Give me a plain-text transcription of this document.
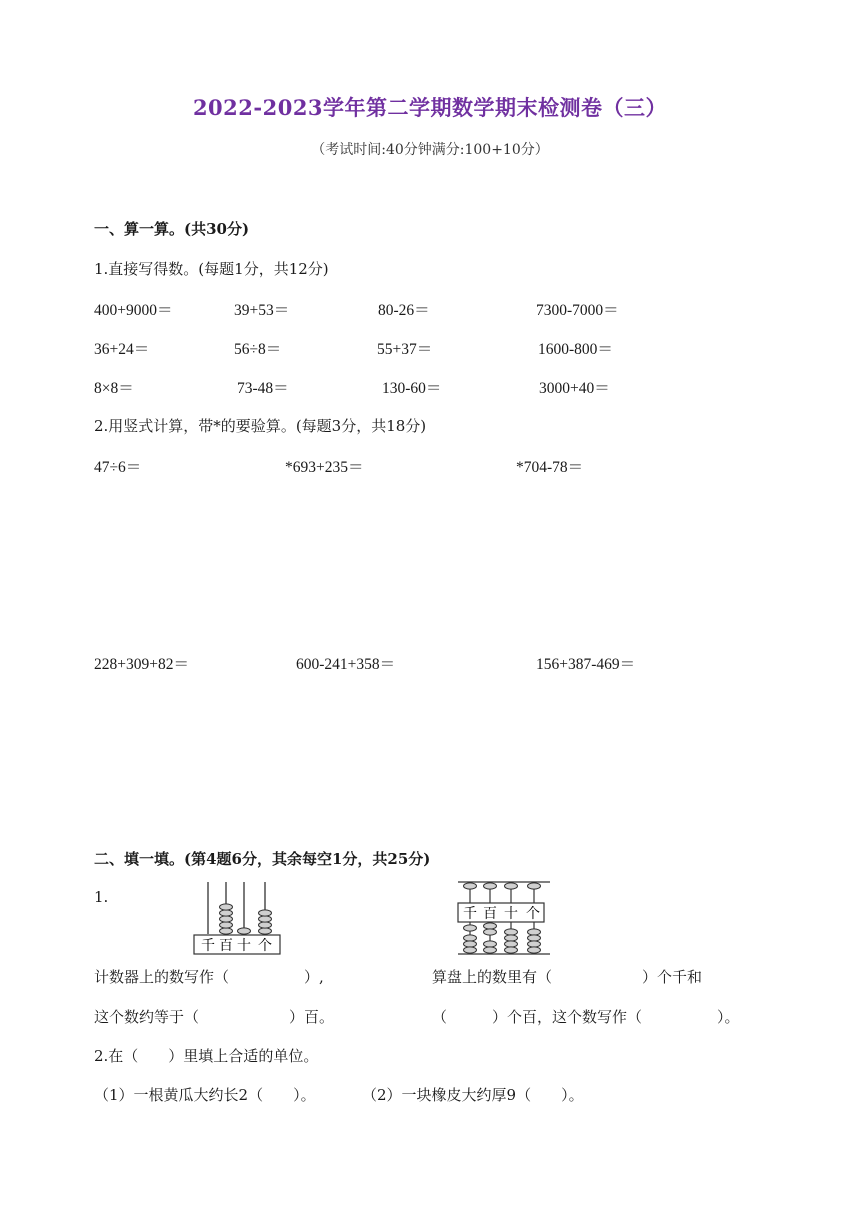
2022-2023学年第二学期数学期末检测卷（三）
（考试时间:40分钟满分:100+10分）
一、算一算。(共30分)
1.直接写得数。(每题1分，共12分)
400+9000＝	39+53＝	80-26＝	7300-7000＝
36+24＝	56÷8＝	55+37＝	1600-800＝
8×8＝	73-48＝	130-60＝	3000+40＝
2.用竖式计算，带*的要验算。(每题3分，共18分)
47÷6＝	*693+235＝	*704-78＝
228+309+82＝	600-241+358＝	156+387-469＝
二、填一填。(第4题6分，其余每空1分，共25分)
1.
千 百 十 个
千 百 十 个
计数器上的数写作（　　　　　）,	算盘上的数里有（　　　　　　）个千和
这个数约等于（　　　　　　）百。	（　　　）个百，这个数写作（　　　　　）。
2.在（　　）里填上合适的单位。
（1）一根黄瓜大约长2（　　）。	（2）一块橡皮大约厚9（　　）。
